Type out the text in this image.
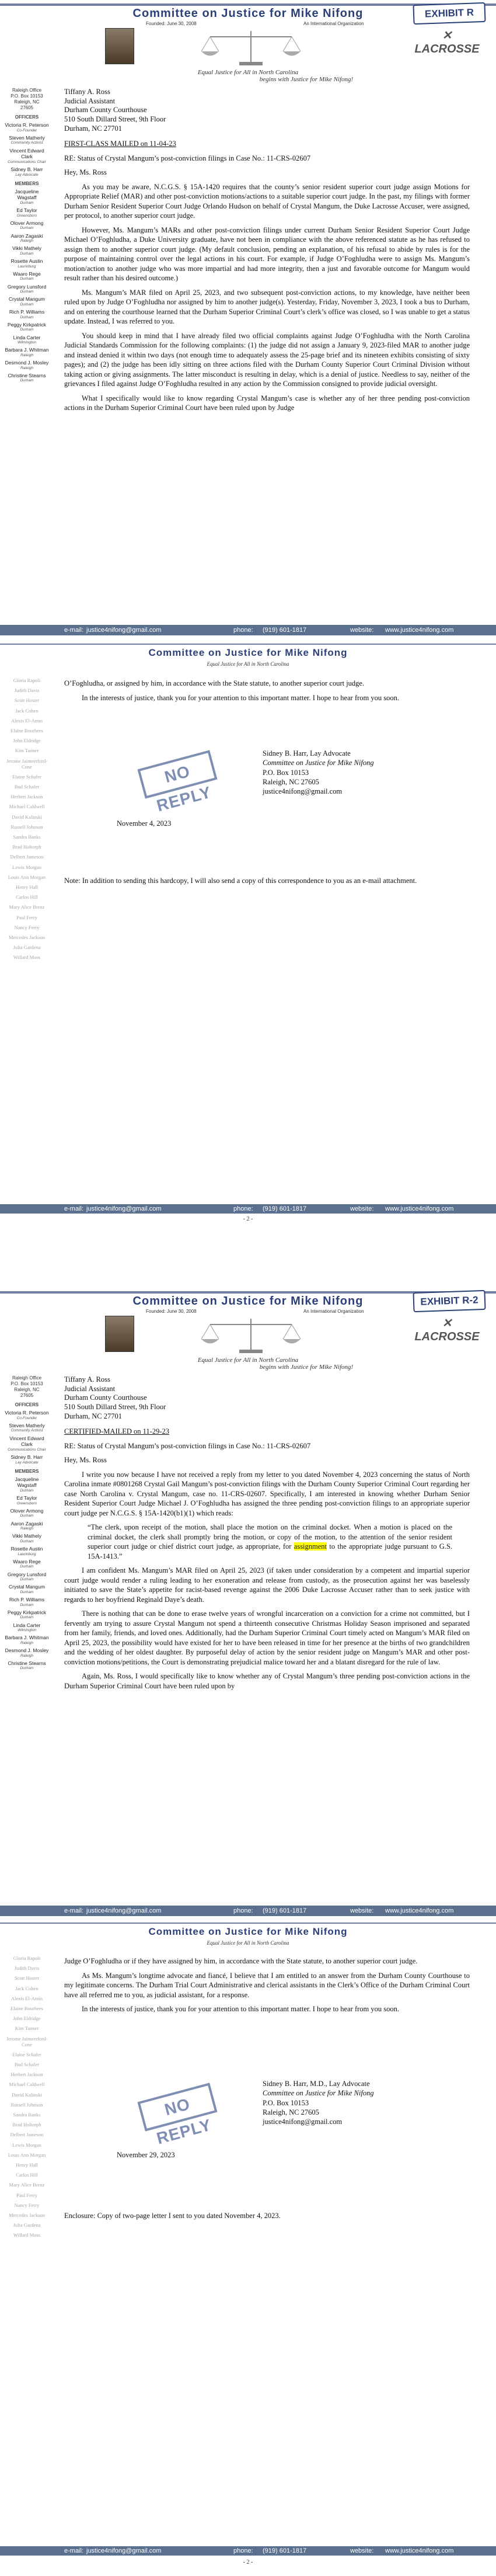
Committee on Justice for Mike Nifong
Founded: June 30, 2008	An International Organization
EXHIBIT R
✕
LACROSSE
Equal Justice for All in North Carolina
begins with Justice for Mike Nifong!
Raleigh Office
P.O. Box 10153
Raleigh, NC
27605
OFFICERS
Victoria R. Peterson
Co-Founder
Steven Matherly
Community Activist
Vincent Edward Clark
Communications Chair
Sidney B. Harr
Lay Advocate
MEMBERS
Jacqueline Wagstaff
Durham
Ed Taylor
Greensboro
Olover Armong
Durham
Aaron Zagaski
Raleigh
Vikki Mathely
Durham
Rosette Austin
Laurinburg
Waaro Rege
Durham
Gregory Lunsford
Durham
Crystal Mangum
Durham
Rich P. Williams
Durham
Peggy Kirkpatrick
Durham
Linda Carter
Wilmington
Barbara J. Whitman
Raleigh
Desmond J. Mosley
Raleigh
Christine Stearns
Durham
Tiffany A. Ross
Judicial Assistant
Durham County Courthouse
510 South Dillard Street, 9th Floor
Durham, NC 27701

FIRST-CLASS MAILED on 11-04-23

RE: Status of Crystal Mangum’s post-conviction filings in Case No.: 11-CRS-02607

Hey, Ms. Ross

As you may be aware, N.C.G.S. § 15A-1420 requires that the county’s senior resident superior court judge assign Motions for Appropriate Relief (MAR) and other post-conviction motions/actions to a suitable superior court judge. In the past, my filings with former Durham Senior Resident Superior Court Judge Orlando Hudson on behalf of Crystal Mangum, the Duke Lacrosse Accuser, were assigned, per protocol, to another superior court judge.

However, Ms. Mangum’s MARs and other post-conviction filings under current Durham Senior Resident Superior Court Judge Michael O’Foghludha, a Duke University graduate, have not been in compliance with the above referenced statute as he has refused to assign them to another superior court judge. (My default conclusion, pending an explanation, of his refusal to abide by rules is for the purpose of maintaining control over the legal actions in his court. For example, if Judge O’Foghludha were to assign Ms. Mangum’s motion/action to another judge who was more impartial and had more integrity, then a just and favorable outcome for Mangum would result rather than his desired outcome.)

Ms. Mangum’s MAR filed on April 25, 2023, and two subsequent post-conviction actions, to my knowledge, have neither been ruled upon by Judge O’Foghludha nor assigned by him to another judge(s). Yesterday, Friday, November 3, 2023, I took a bus to Durham, and on entering the courthouse learned that the Durham Superior Criminal Court’s clerk’s office was closed, so I was unable to get a status update. Instead, I was referred to you.

You should keep in mind that I have already filed two official complaints against Judge O’Foghludha with the North Carolina Judicial Standards Commission for the following complaints: (1) the judge did not assign a January 9, 2023-filed MAR to another judge and instead denied it within two days (not enough time to adequately assess the 25-page brief and its nineteen exhibits consisting of sixty pages); and (2) the judge has been idly sitting on three actions filed with the Durham County Superior Court Criminal Division without taking action or giving assignments. The latter misconduct is resulting in delay, which is a denial of justice. Needless to say, neither of the grievances I filed against Judge O’Foghludha resulted in any action by the Commission consigned to provide judicial oversight.

What I specifically would like to know regarding Crystal Mangum’s case is whether any of her three pending post-conviction actions in the Durham Superior Criminal Court have been ruled upon by Judge

e-mail: justice4nifong@gmail.com	phone: (919) 601-1817	website: www.justice4nifong.com
Committee on Justice for Mike Nifong
Equal Justice for All in North Carolina
Gloria Rapoli
Judith Davis
Scott Hoster
Jack Cohen
Alexis El-Amin
Elaine Bourhees
John Eldridge
Kim Tanner
Jerome Jaimeerford-Cone
Elaine Schafer
Bud Schafer
Herbert Jackson
Michael Caldwell
David Kalinski
Russell Johnson
Sandra Banks
Brad Holtorph
Delbert Jameson
Lewis Morgan
Louis Ann Morgan
Henry Hall
Carlos Hill
Mary Alice Brenz
Paul Ferry
Nancy Ferry
Mercedes Jackson
Julia Gardena
Willard Moss

O’Foghludha, or assigned by him, in accordance with the State statute, to another superior court judge.

In the interests of justice, thank you for your attention to this important matter. I hope to hear from you soon.

NO REPLY
Sidney B. Harr, Lay Advocate
Committee on Justice for Mike Nifong
P.O. Box 10153
Raleigh, NC 27605
justice4nifong@gmail.com
November 4, 2023

Note: In addition to sending this hardcopy, I will also send a copy of this correspondence to you as an e-mail attachment.

e-mail: justice4nifong@gmail.com	phone: (919) 601-1817	website: www.justice4nifong.com
- 2 -
Committee on Justice for Mike Nifong
Founded: June 30, 2008	An International Organization
EXHIBIT R-2
✕
LACROSSE
Equal Justice for All in North Carolina
begins with Justice for Mike Nifong!
Raleigh Office
P.O. Box 10153
Raleigh, NC
27605
OFFICERS
Victoria R. Peterson
Co-Founder
Steven Matherly
Community Activist
Vincent Edward Clark
Communications Chair
Sidney B. Harr
Lay Advocate
MEMBERS
Jacqueline Wagstaff
Durham
Ed Taylor
Greensboro
Olover Armong
Durham
Aaron Zagaski
Raleigh
Vikki Mathely
Durham
Rosette Austin
Laurinburg
Waaro Rege
Durham
Gregory Lunsford
Durham
Crystal Mangum
Durham
Rich P. Williams
Durham
Peggy Kirkpatrick
Durham
Linda Carter
Wilmington
Barbara J. Whitman
Raleigh
Desmond J. Mosley
Raleigh
Christine Stearns
Durham
Tiffany A. Ross
Judicial Assistant
Durham County Courthouse
510 South Dillard Street, 9th Floor
Durham, NC 27701

CERTIFIED-MAILED on 11-29-23

RE: Status of Crystal Mangum’s post-conviction filings in Case No.: 11-CRS-02607

Hey, Ms. Ross

I write you now because I have not received a reply from my letter to you dated November 4, 2023 concerning the status of North Carolina inmate #0801268 Crystal Gail Mangum’s post-conviction filings with the Durham County Superior Criminal Court regarding her case North Carolina v. Crystal Mangum, case no. 11-CRS-02607. Specifically, I am interested in knowing whether Durham Senior Resident Superior Court Judge Michael J. O’Foghludha has assigned the three pending post-conviction filings to an appropriate superior court judge per N.C.G.S. § 15A-1420(b1)(1) which reads:

“The clerk, upon receipt of the motion, shall place the motion on the criminal docket. When a motion is placed on the criminal docket, the clerk shall promptly bring the motion, or copy of the motion, to the attention of the senior resident superior court judge or chief district court judge, as appropriate, for assignment to the appropriate judge pursuant to G.S. 15A-1413.”

I am confident Ms. Mangum’s MAR filed on April 25, 2023 (if taken under consideration by a competent and impartial superior court judge would render a ruling leading to her exoneration and release from custody, as the prosecution against her was baselessly initiated to save the State’s appetite for racist-based revenge against the 2006 Duke Lacrosse Accuser rather than to seek justice with regards to her boyfriend Reginald Daye’s death.

There is nothing that can be done to erase twelve years of wrongful incarceration on a conviction for a crime not committed, but I fervently am trying to assure Crystal Mangum not spend a thirteenth consecutive Christmas Holiday Season imprisoned and separated from her family, friends, and loved ones. Additionally, had the Durham Superior Criminal Court timely acted on Mangum’s MAR filed on April 25, 2023, the possibility would have existed for her to have been released in time for her presence at the births of two grandchildren and the wedding of her oldest daughter. By purposeful delay of action by the senior resident judge on Mangum’s MAR and other post-conviction motions/petitions, the Court is demonstrating prejudicial malice toward her and a blatant disregard for the rule of law.

Again, Ms. Ross, I would specifically like to know whether any of Crystal Mangum’s three pending post-conviction actions in the Durham Superior Criminal Court have been ruled upon by

e-mail: justice4nifong@gmail.com	phone: (919) 601-1817	website: www.justice4nifong.com
Committee on Justice for Mike Nifong
Equal Justice for All in North Carolina
Gloria Rapoli
Judith Davis
Scott Hoster
Jack Cohen
Alexis El-Amin
Elaine Bourhees
John Eldridge
Kim Tanner
Jerome Jaimeerford-Cone
Elaine Schafer
Bud Schafer
Herbert Jackson
Michael Caldwell
David Kalinski
Russell Johnson
Sandra Banks
Brad Holtorph
Delbert Jameson
Lewis Morgan
Louis Ann Morgan
Henry Hall
Carlos Hill
Mary Alice Brenz
Paul Ferry
Nancy Ferry
Mercedes Jackson
Julia Gardena
Willard Moss

Judge O’Foghludha or if they have assigned by him, in accordance with the State statute, to another superior court judge.

As Ms. Mangum’s longtime advocate and fiancé, I believe that I am entitled to an answer from the Durham County Courthouse to my legitimate concerns. The Durham Trial Court Administrative and clerical assistants in the Clerk’s Office of the Durham Criminal Court have all referred me to you, as judicial assistant, for a response.

In the interests of justice, thank you for your attention to this important matter. I hope to hear from you soon.

NO REPLY
Sidney B. Harr, M.D., Lay Advocate
Committee on Justice for Mike Nifong
P.O. Box 10153
Raleigh, NC 27605
justice4nifong@gmail.com
November 29, 2023

Enclosure: Copy of two-page letter I sent to you dated November 4, 2023.

e-mail: justice4nifong@gmail.com	phone: (919) 601-1817	website: www.justice4nifong.com
- 2 -
